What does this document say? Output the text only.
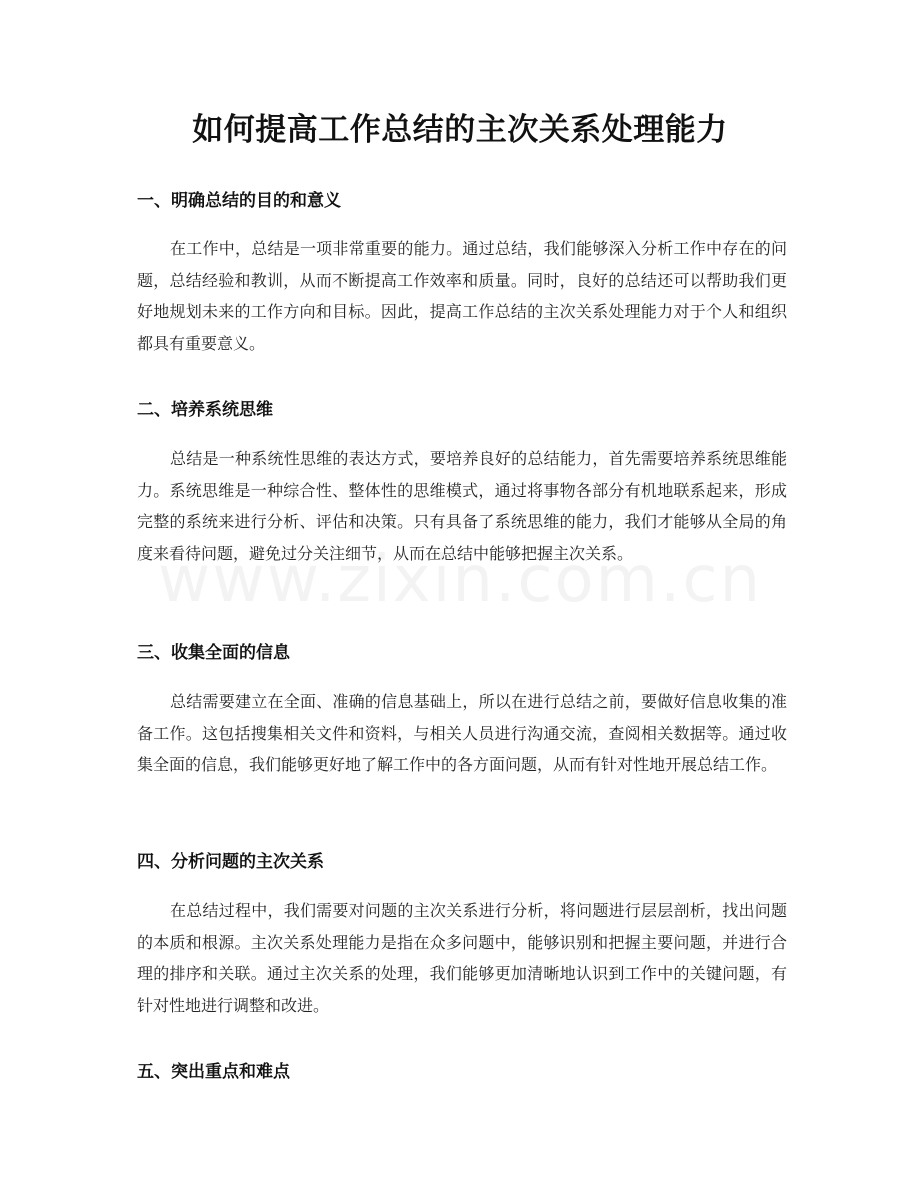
如何提高工作总结的主次关系处理能力
一、明确总结的目的和意义

在工作中，总结是一项非常重要的能力。通过总结，我们能够深入分析工作中存在的问题，总结经验和教训，从而不断提高工作效率和质量。同时，良好的总结还可以帮助我们更好地规划未来的工作方向和目标。因此，提高工作总结的主次关系处理能力对于个人和组织都具有重要意义。

二、培养系统思维

总结是一种系统性思维的表达方式，要培养良好的总结能力，首先需要培养系统思维能力。系统思维是一种综合性、整体性的思维模式，通过将事物各部分有机地联系起来，形成完整的系统来进行分析、评估和决策。只有具备了系统思维的能力，我们才能够从全局的角度来看待问题，避免过分关注细节，从而在总结中能够把握主次关系。

三、收集全面的信息

总结需要建立在全面、准确的信息基础上，所以在进行总结之前，要做好信息收集的准备工作。这包括搜集相关文件和资料，与相关人员进行沟通交流，查阅相关数据等。通过收集全面的信息，我们能够更好地了解工作中的各方面问题，从而有针对性地开展总结工作。

四、分析问题的主次关系

在总结过程中，我们需要对问题的主次关系进行分析，将问题进行层层剖析，找出问题的本质和根源。主次关系处理能力是指在众多问题中，能够识别和把握主要问题，并进行合理的排序和关联。通过主次关系的处理，我们能够更加清晰地认识到工作中的关键问题，有针对性地进行调整和改进。

五、突出重点和难点
